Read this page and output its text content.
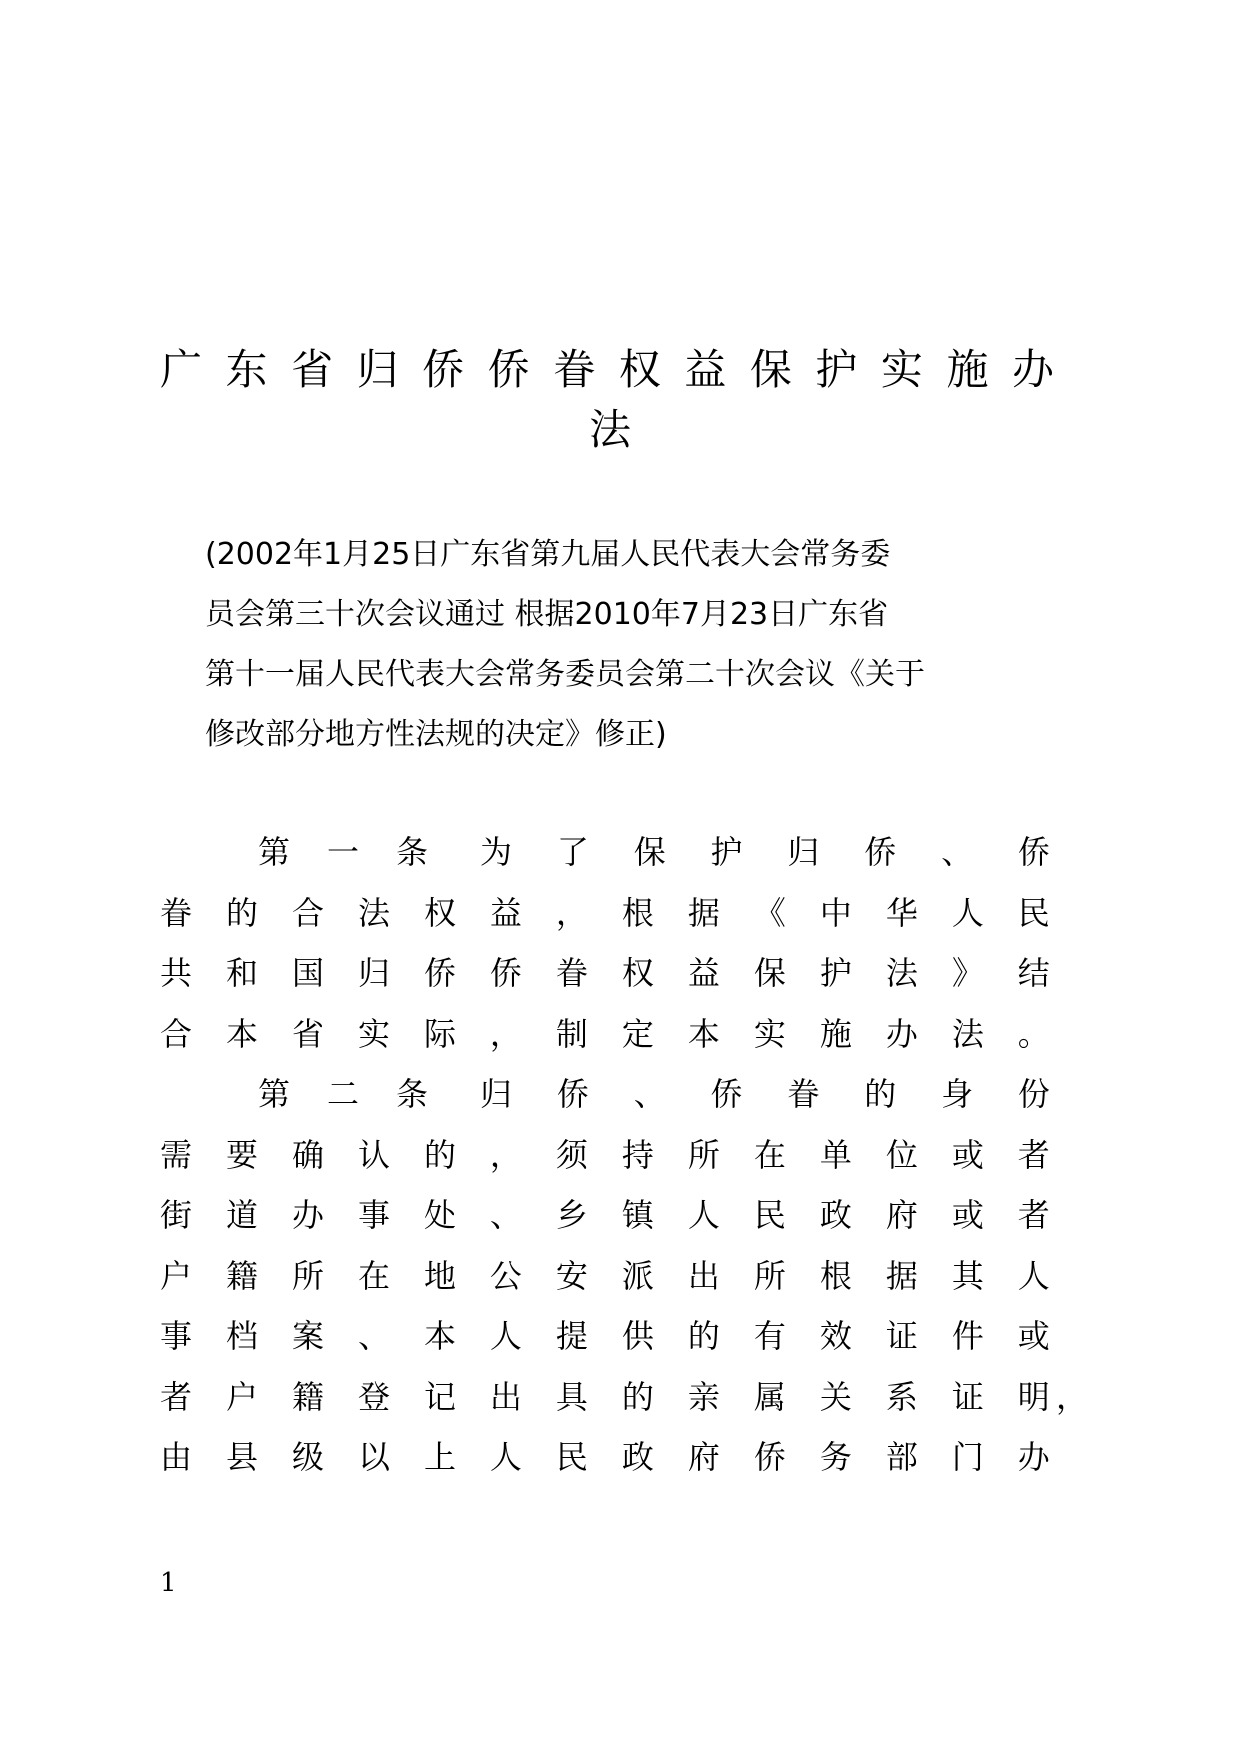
广东省归侨侨眷权益保护实施办
法
(2002年1月25日广东省第九届人民代表大会常务委
员会第三十次会议通过 根据2010年7月23日广东省
第十一届人民代表大会常务委员会第二十次会议《关于
修改部分地方性法规的决定》修正)
第 一 条 为 了 保 护 归 侨 、 侨
眷 的 合 法 权 益 ， 根 据 《 中 华 人 民
共 和 国 归 侨 侨 眷 权 益 保 护 法 》 结
合 本 省 实 际 ， 制 定 本 实 施 办 法 。
第 二 条 归 侨 、 侨 眷 的 身 份
需 要 确 认 的 ， 须 持 所 在 单 位 或 者
街 道 办 事 处 、 乡 镇 人 民 政 府 或 者
户 籍 所 在 地 公 安 派 出 所 根 据 其 人
事 档 案 、 本 人 提 供 的 有 效 证 件 或
者 户 籍 登 记 出 具 的 亲 属 关 系 证 明 ，
由 县 级 以 上 人 民 政 府 侨 务 部 门 办
1
